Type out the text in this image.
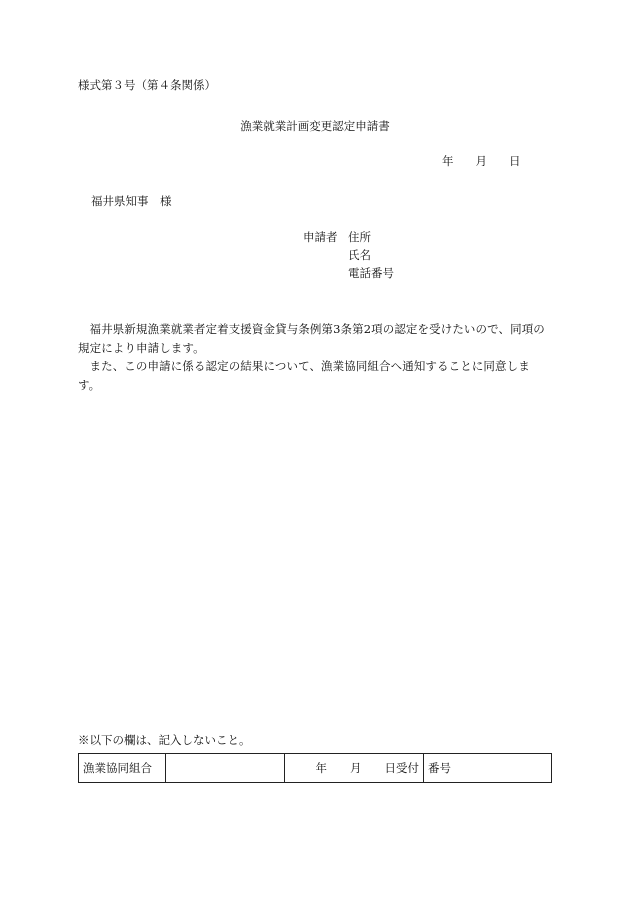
様式第３号（第４条関係）
漁業就業計画変更認定申請書
年 月 日
福井県知事　様
申請者 住所
氏名
電話番号

福井県新規漁業就業者定着支援資金貸与条例第3条第2項の認定を受けたいので、同項の規定により申請します。

また、この申請に係る認定の結果について、漁業協同組合へ通知することに同意します。

※以下の欄は、記入しないこと。
漁業協同組合		年　　月　　日受付	番号
